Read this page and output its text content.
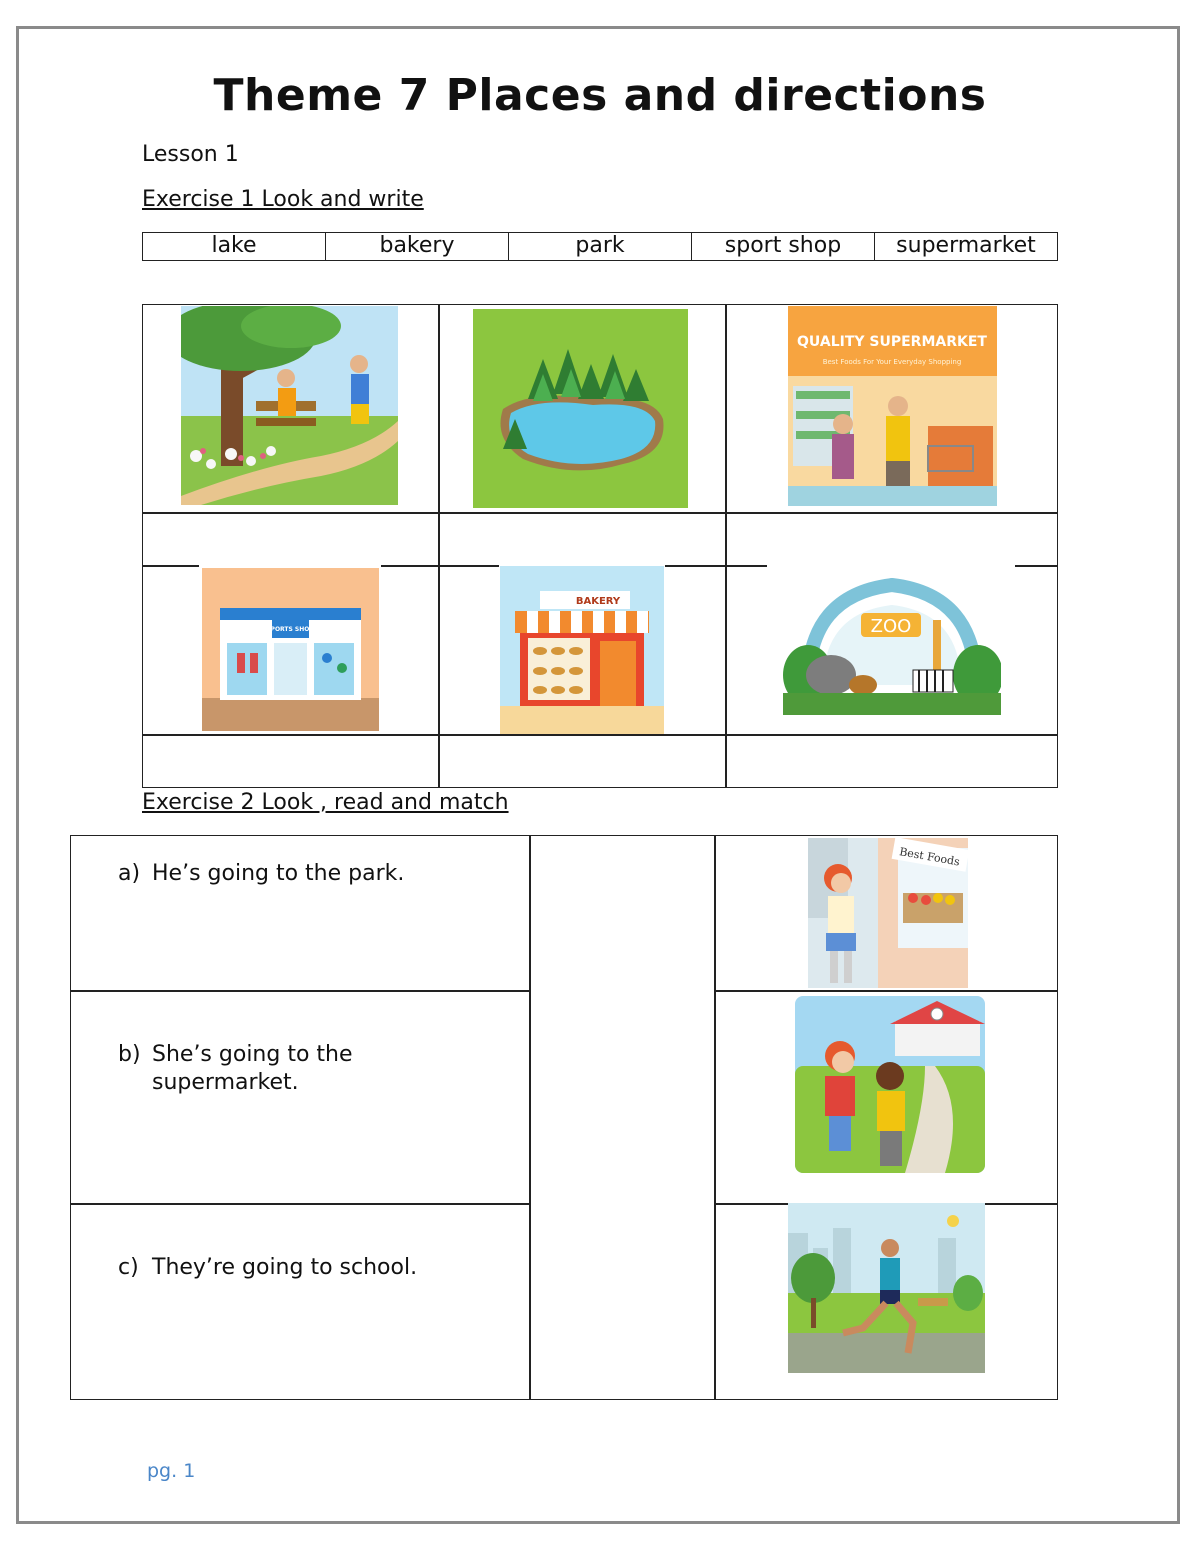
Theme 7 Places and directions
Lesson 1
Exercise 1 Look and write
lake	bakery	park	sport shop	supermarket
QUALITY SUPERMARKET
Best Foods For Your Everyday Shopping
SPORTS SHOP
BAKERY
ZOO
Exercise 2 Look , read and match
a) He’s going to the park.
b) She’s going to the
supermarket.
c) They’re going to school.
Best Foods
pg. 1
